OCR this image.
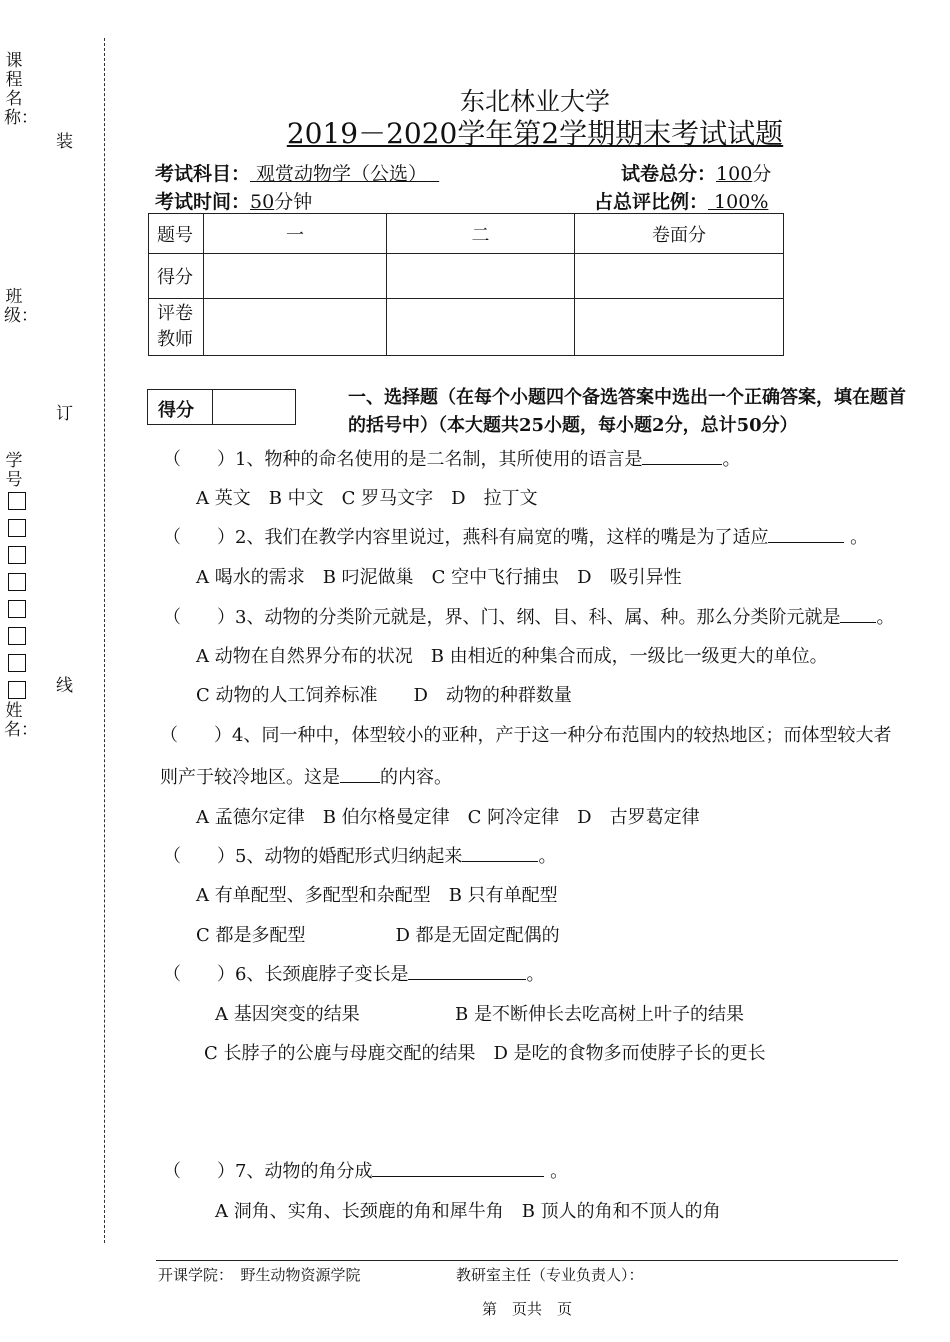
课程名称：
班级：
学号
姓名：
装
订
线
东北林业大学
2019－2020学年第2学期期末考试试题
考试科目： 观赏动物学（公选）	试卷总分：100分
考试时间：50分钟	占总评比例： 100%
题号	一	二	卷面分
得分			
评卷
教师			
得分
一、选择题（在每个小题四个备选答案中选出一个正确答案，填在题首的括号中）（本大题共25小题，每小题2分，总计50分）
（　　）1、物种的命名使用的是二名制，其所使用的语言是	。
A 英文　B 中文　C 罗马文字　D　拉丁文
（　　）2、我们在教学内容里说过，燕科有扁宽的嘴，这样的嘴是为了适应	。
A 喝水的需求　B 叼泥做巢　C 空中飞行捕虫　D　吸引异性
（　　）3、动物的分类阶元就是，界、门、纲、目、科、属、种。那么分类阶元就是 。
A 动物在自然界分布的状况　B 由相近的种集合而成，一级比一级更大的单位。
C 动物的人工饲养标准　　D　动物的种群数量
（　　）4、同一种中，体型较小的亚种，产于这一种分布范围内的较热地区；而体型较大者
则产于较冷地区。这是 的内容。
A 孟德尔定律　B 伯尔格曼定律　C 阿冷定律　D　古罗葛定律
（　　）5、动物的婚配形式归纳起来	。
A 有单配型、多配型和杂配型　B 只有单配型
C 都是多配型　　　　　D 都是无固定配偶的
（　　）6、长颈鹿脖子变长是	。
A 基因突变的结果	B 是不断伸长去吃高树上叶子的结果
C 长脖子的公鹿与母鹿交配的结果　D 是吃的食物多而使脖子长的更长
（　　）7、动物的角分成	。
A 洞角、实角、长颈鹿的角和犀牛角　B 顶人的角和不顶人的角
开课学院：　野生动物资源学院	教研室主任（专业负责人）：
第　页共　页
